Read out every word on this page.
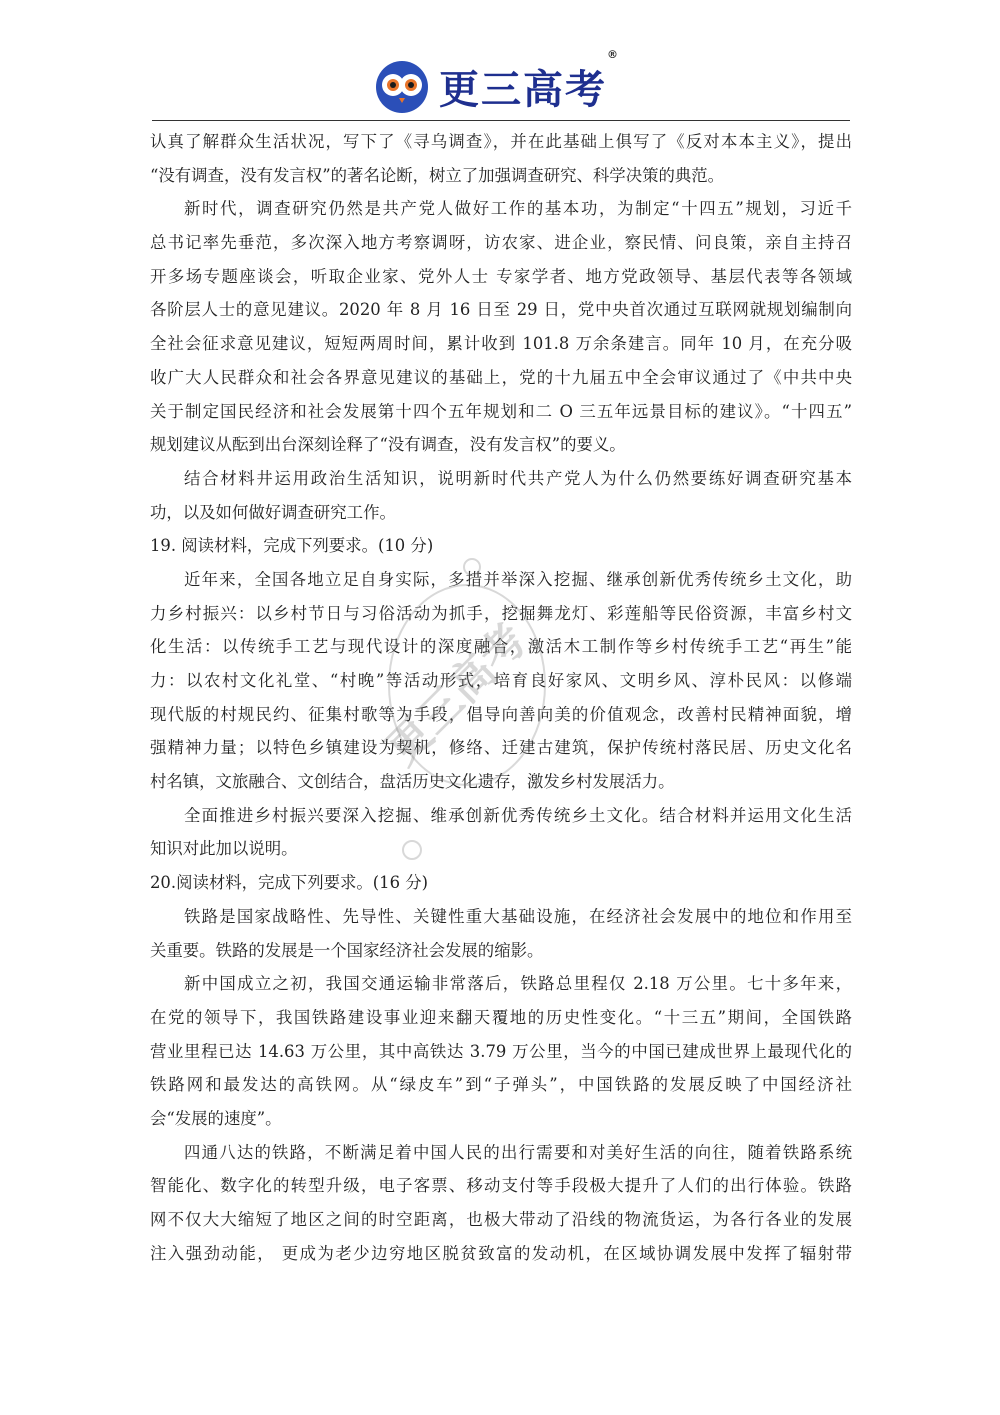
更三高考®
认真了解群众生活状况，写下了《寻乌调查》，并在此基础上俱写了《反对本本主义》，提出
“没有调查，没有发言权”的著名论断，树立了加强调查研究、科学决策的典范。
新时代，调查研究仍然是共产党人做好工作的基本功，为制定“十四五”规划，习近千
总书记率先垂范，多次深入地方考察调呀，访农家、进企业，察民情、问良策，亲自主持召
开多场专题座谈会，听取企业家、党外人士 专家学者、地方党政领导、基层代表等各领域
各阶层人士的意见建议。2020 年 8 月 16 日至 29 日，党中央首次通过互联网就规划编制向
全社会征求意见建议，短短两周时间，累计收到 101.8 万余条建言。同年 10 月，在充分吸
收广大人民群众和社会各界意见建议的基础上，党的十九届五中全会审议通过了《中共中央
关于制定国民经济和社会发展第十四个五年规划和二 O 三五年远景目标的建议》。“十四五”
规划建议从酝到出台深刻诠释了“没有调查，没有发言权”的要义。
结合材料井运用政治生活知识，说明新时代共产党人为什么仍然要练好调查研究基本
功，以及如何做好调查研究工作。
19. 阅读材料，完成下列要求。(10 分)
近年来，全国各地立足自身实际，多措并举深入挖掘、继承创新优秀传统乡土文化，助
力乡村振兴：以乡村节日与习俗活动为抓手，挖掘舞龙灯、彩莲船等民俗资源，丰富乡村文
化生活：以传统手工艺与现代设计的深度融合，激活木工制作等乡村传统手工艺“再生”能
力：以农村文化礼堂、“村晚”等活动形式，培育良好家风、文明乡风、淳朴民风：以修端
现代版的村规民约、征集村歌等为手段，倡导向善向美的价值观念，改善村民精神面貌，增
强精神力量；以特色乡镇建设为契机，修络、迁建古建筑，保护传统村落民居、历史文化名
村名镇，文旅融合、文创结合，盘活历史文化遗存，激发乡村发展活力。
全面推进乡村振兴要深入挖掘、维承创新优秀传统乡土文化。结合材料并运用文化生活
知识对此加以说明。
20.阅读材料，完成下列要求。(16 分)
铁路是国家战略性、先导性、关键性重大基础设施，在经济社会发展中的地位和作用至
关重要。铁路的发展是一个国家经济社会发展的缩影。
新中国成立之初，我国交通运输非常落后，铁路总里程仅 2.18 万公里。七十多年来，
在党的领导下，我国铁路建设事业迎来翻天覆地的历史性变化。“十三五”期间，全国铁路
营业里程已达 14.63 万公里，其中高铁达 3.79 万公里，当今的中国已建成世界上最现代化的
铁路网和最发达的高铁网。从“绿皮车”到“子弹头”，中国铁路的发展反映了中国经济社
会“发展的速度”。
四通八达的铁路，不断满足着中国人民的出行需要和对美好生活的向往，随着铁路系统
智能化、数字化的转型升级，电子客票、移动支付等手段极大提升了人们的出行体验。铁路
网不仅大大缩短了地区之间的时空距离，也极大带动了沿线的物流货运，为各行各业的发展
注入强劲动能， 更成为老少边穷地区脱贫致富的发动机，在区域协调发展中发挥了辐射带
更三高考
